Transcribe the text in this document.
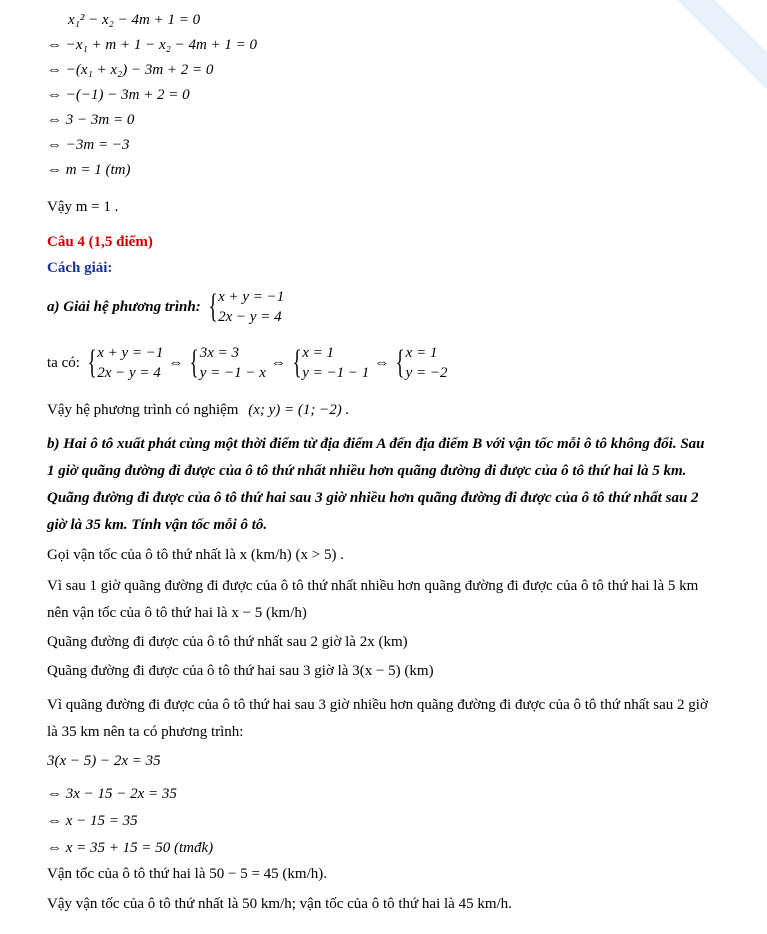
x₁² − x₂ − 4m + 1 = 0
⇔ −x₁ + m + 1 − x₂ − 4m + 1 = 0
⇔ −(x₁ + x₂) − 3m + 2 = 0
⇔ −(−1) − 3m + 2 = 0
⇔ 3 − 3m = 0
⇔ −3m = −3
⇔ m = 1 (tm)
Vậy m = 1 .
Câu 4 (1,5 điểm)
Cách giải:
a) Giải hệ phương trình: { x + y = −1
2x − y = 4
ta có: { x + y = −1
2x − y = 4
⇔ { 3x = 3
y = −1 − x
⇔ { x = 1
y = −1 − 1
⇔ { x = 1
y = −2
Vậy hệ phương trình có nghiệm (x; y) = (1; −2) .
b) Hai ô tô xuất phát cùng một thời điểm từ địa điểm A đến địa điểm B với vận tốc mỗi ô tô không đổi. Sau
1 giờ quãng đường đi được của ô tô thứ nhất nhiều hơn quãng đường đi được của ô tô thứ hai là 5 km.
Quãng đường đi được của ô tô thứ hai sau 3 giờ nhiều hơn quãng đường đi được của ô tô thứ nhất sau 2
giờ là 35 km. Tính vận tốc mỗi ô tô.
Gọi vận tốc của ô tô thứ nhất là x (km/h) (x > 5) .
Vì sau 1 giờ quãng đường đi được của ô tô thứ nhất nhiều hơn quãng đường đi được của ô tô thứ hai là 5 km
nên vận tốc của ô tô thứ hai là x − 5 (km/h)
Quãng đường đi được của ô tô thứ nhất sau 2 giờ là 2x (km)
Quãng đường đi được của ô tô thứ hai sau 3 giờ là 3(x − 5) (km)
Vì quãng đường đi được của ô tô thứ hai sau 3 giờ nhiều hơn quãng đường đi được của ô tô thứ nhất sau 2 giờ
là 35 km nên ta có phương trình:
3(x − 5) − 2x = 35
⇔ 3x − 15 − 2x = 35
⇔ x − 15 = 35
⇔ x = 35 + 15 = 50 (tmđk)
Vận tốc của ô tô thứ hai là 50 − 5 = 45 (km/h).
Vậy vận tốc của ô tô thứ nhất là 50 km/h; vận tốc của ô tô thứ hai là 45 km/h.
